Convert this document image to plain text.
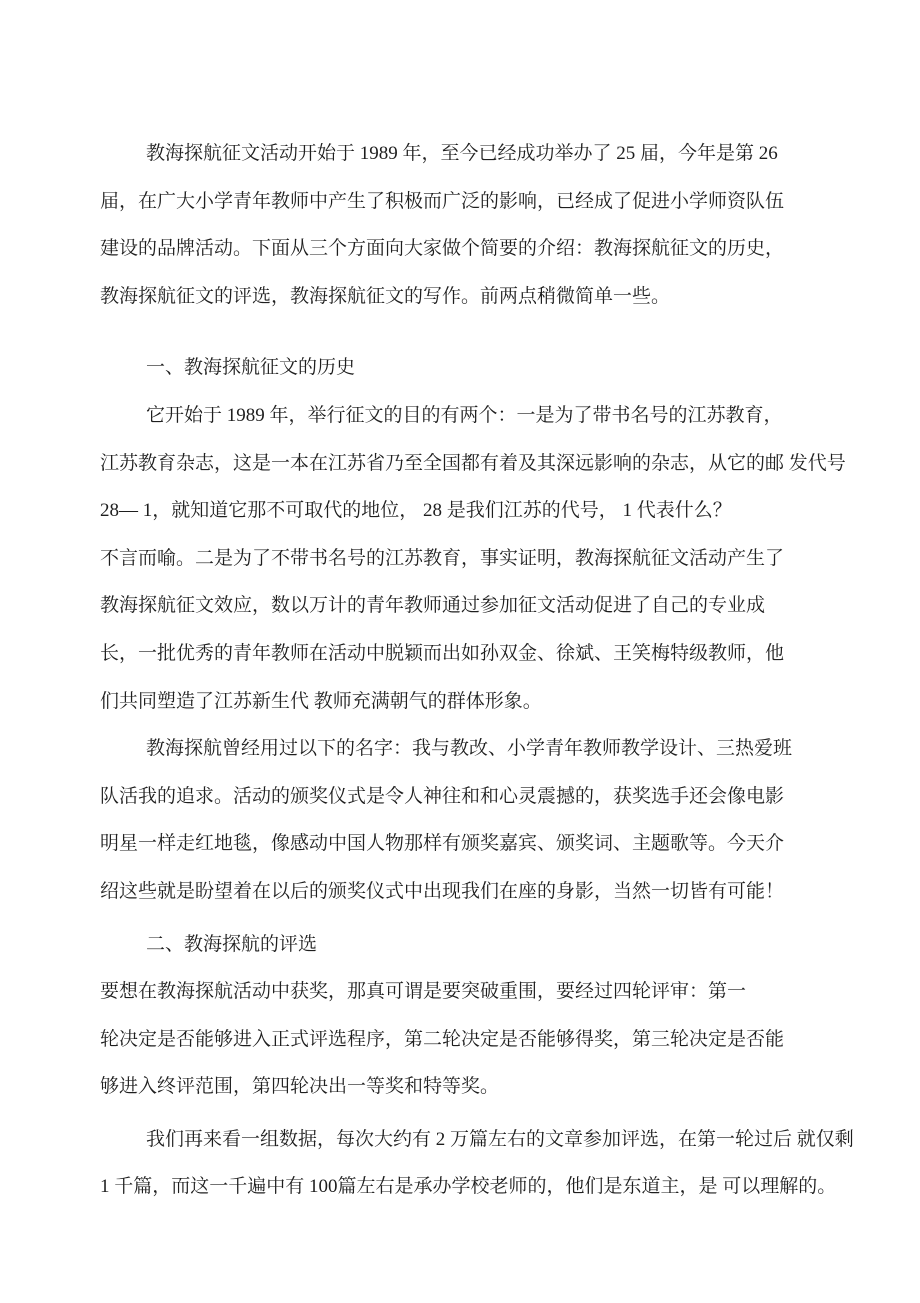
教海探航征文活动开始于 1989 年，至今已经成功举办了 25 届，今年是第 26
届，在广大小学青年教师中产生了积极而广泛的影响，已经成了促进小学师资队伍
建设的品牌活动。下面从三个方面向大家做个简要的介绍：教海探航征文的历史，
教海探航征文的评选，教海探航征文的写作。前两点稍微简单一些。
一、教海探航征文的历史
它开始于 1989 年，举行征文的目的有两个：一是为了带书名号的江苏教育，
江苏教育杂志，这是一本在江苏省乃至全国都有着及其深远影响的杂志，从它的邮 发代号
28— 1，就知道它那不可取代的地位， 28 是我们江苏的代号， 1 代表什么？
不言而喻。二是为了不带书名号的江苏教育，事实证明，教海探航征文活动产生了
教海探航征文效应，数以万计的青年教师通过参加征文活动促进了自己的专业成
长，一批优秀的青年教师在活动中脱颖而出如孙双金、徐斌、王笑梅特级教师，他
们共同塑造了江苏新生代 教师充满朝气的群体形象。
教海探航曾经用过以下的名字：我与教改、小学青年教师教学设计、三热爱班
队活我的追求。活动的颁奖仪式是令人神往和和心灵震撼的，获奖选手还会像电影
明星一样走红地毯，像感动中国人物那样有颁奖嘉宾、颁奖词、主题歌等。今天介
绍这些就是盼望着在以后的颁奖仪式中出现我们在座的身影，当然一切皆有可能！
二、教海探航的评选
要想在教海探航活动中获奖，那真可谓是要突破重围，要经过四轮评审：第一
轮决定是否能够进入正式评选程序，第二轮决定是否能够得奖，第三轮决定是否能
够进入终评范围，第四轮决出一等奖和特等奖。
我们再来看一组数据，每次大约有 2 万篇左右的文章参加评选，在第一轮过后 就仅剩
1 千篇，而这一千遍中有 100篇左右是承办学校老师的，他们是东道主，是 可以理解的。
